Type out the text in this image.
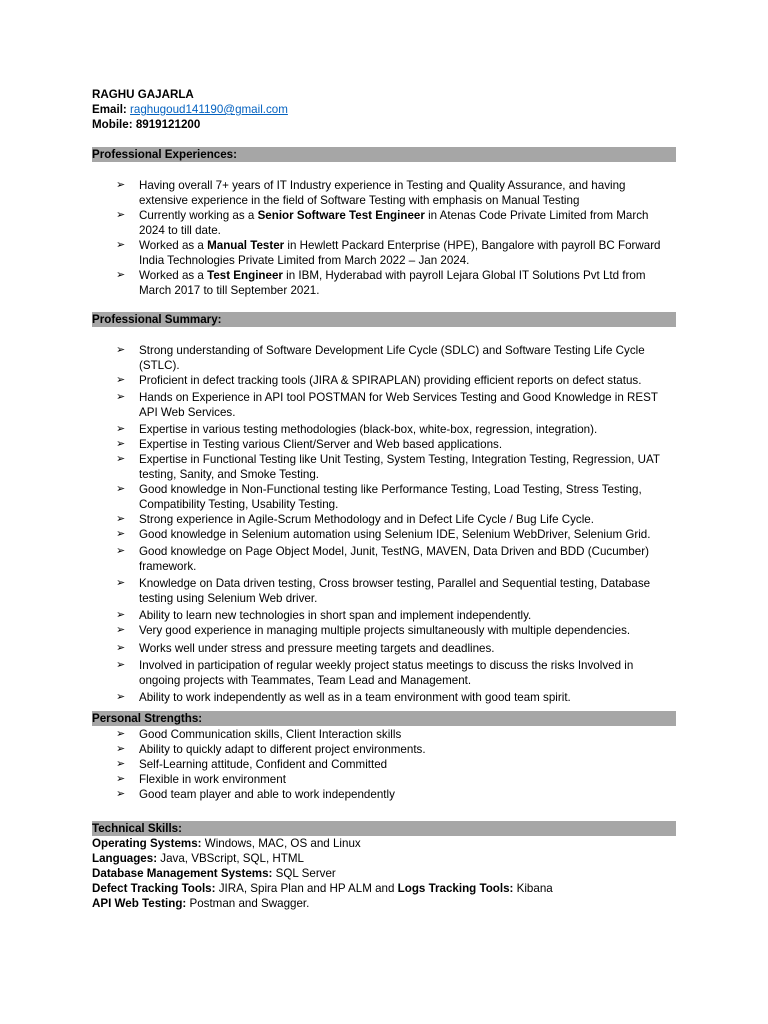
RAGHU GAJARLA
Email: raghugoud141190@gmail.com
Mobile: 8919121200
Professional Experiences:
➢ Having overall 7+ years of IT Industry experience in Testing and Quality Assurance, and having extensive experience in the field of Software Testing with emphasis on Manual Testing
➢ Currently working as a Senior Software Test Engineer in Atenas Code Private Limited from March 2024 to till date.
➢ Worked as a Manual Tester in Hewlett Packard Enterprise (HPE), Bangalore with payroll BC Forward India Technologies Private Limited from March 2022 – Jan 2024.
➢ Worked as a Test Engineer in IBM, Hyderabad with payroll Lejara Global IT Solutions Pvt Ltd from March 2017 to till September 2021.
Professional Summary:
➢ Strong understanding of Software Development Life Cycle (SDLC) and Software Testing Life Cycle (STLC).
➢ Proficient in defect tracking tools (JIRA & SPIRAPLAN) providing efficient reports on defect status.
➢ Hands on Experience in API tool POSTMAN for Web Services Testing and Good Knowledge in REST API Web Services.
➢ Expertise in various testing methodologies (black-box, white-box, regression, integration).
➢ Expertise in Testing various Client/Server and Web based applications.
➢ Expertise in Functional Testing like Unit Testing, System Testing, Integration Testing, Regression, UAT testing, Sanity, and Smoke Testing.
➢ Good knowledge in Non-Functional testing like Performance Testing, Load Testing, Stress Testing, Compatibility Testing, Usability Testing.
➢ Strong experience in Agile-Scrum Methodology and in Defect Life Cycle / Bug Life Cycle.
➢ Good knowledge in Selenium automation using Selenium IDE, Selenium WebDriver, Selenium Grid.
➢ Good knowledge on Page Object Model, Junit, TestNG, MAVEN, Data Driven and BDD (Cucumber) framework.
➢ Knowledge on Data driven testing, Cross browser testing, Parallel and Sequential testing, Database testing using Selenium Web driver.
➢ Ability to learn new technologies in short span and implement independently.
➢ Very good experience in managing multiple projects simultaneously with multiple dependencies.
➢ Works well under stress and pressure meeting targets and deadlines.
➢ Involved in participation of regular weekly project status meetings to discuss the risks Involved in ongoing projects with Teammates, Team Lead and Management.
➢ Ability to work independently as well as in a team environment with good team spirit.
Personal Strengths:
➢ Good Communication skills, Client Interaction skills
➢ Ability to quickly adapt to different project environments.
➢ Self-Learning attitude, Confident and Committed
➢ Flexible in work environment
➢ Good team player and able to work independently
Technical Skills:
Operating Systems: Windows, MAC, OS and Linux
Languages: Java, VBScript, SQL, HTML
Database Management Systems: SQL Server
Defect Tracking Tools: JIRA, Spira Plan and HP ALM and Logs Tracking Tools: Kibana
API Web Testing: Postman and Swagger.
